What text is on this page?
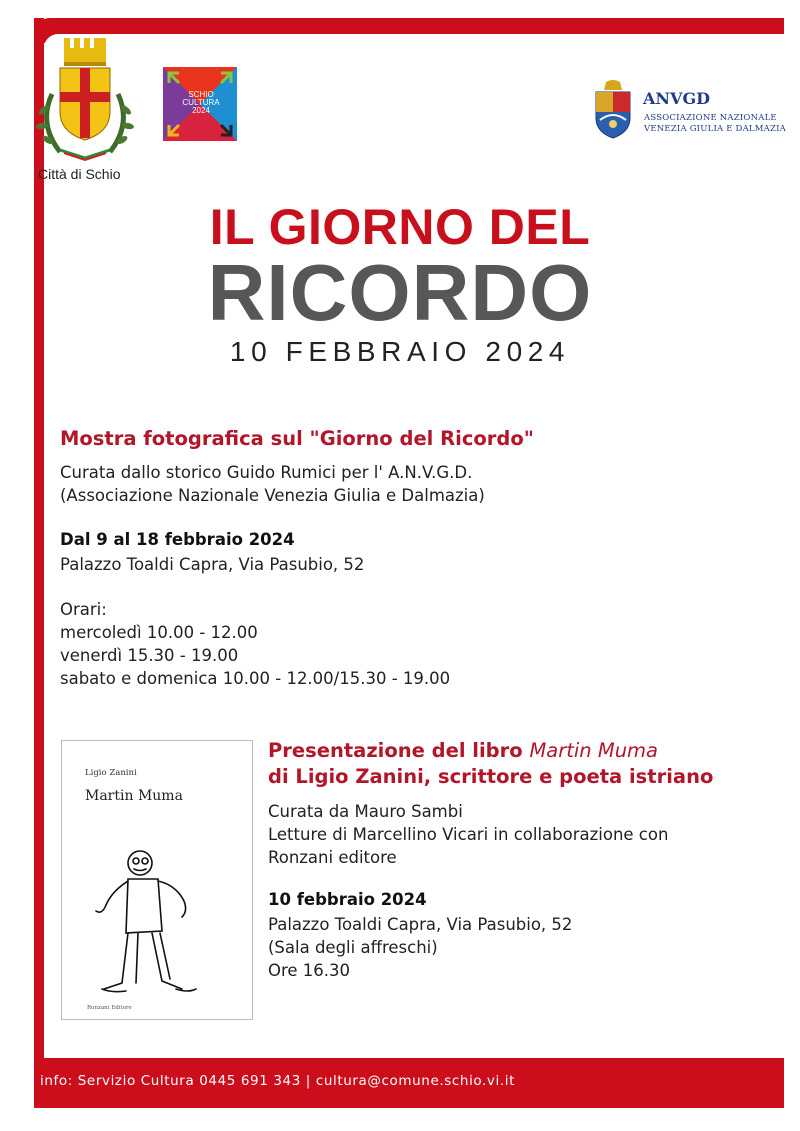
Città di Schio
SCHIO
CULTURA
2024
ANVGD
ASSOCIAZIONE NAZIONALE
VENEZIA GIULIA E DALMAZIA
IL GIORNO DEL
RICORDO
10 FEBBRAIO 2024
Mostra fotografica sul "Giorno del Ricordo"
Curata dallo storico Guido Rumici per l' A.N.V.G.D.
(Associazione Nazionale Venezia Giulia e Dalmazia)
Dal 9 al 18 febbraio 2024
Palazzo Toaldi Capra, Via Pasubio, 52
Orari:
mercoledì 10.00 - 12.00
venerdì 15.30 - 19.00
sabato e domenica 10.00 - 12.00/15.30 - 19.00
Ligio Zanini
Martin Muma
Ronzani Editore
Presentazione del libro Martin Muma
di Ligio Zanini, scrittore e poeta istriano
Curata da Mauro Sambi
Letture di Marcellino Vicari in collaborazione con
Ronzani editore
10 febbraio 2024
Palazzo Toaldi Capra, Via Pasubio, 52
(Sala degli affreschi)
Ore 16.30
info: Servizio Cultura 0445 691 343 | cultura@comune.schio.vi.it
